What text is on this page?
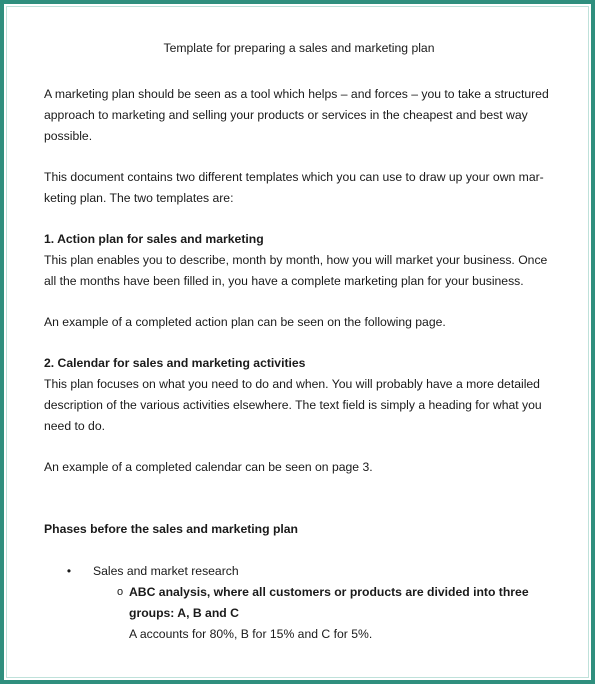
Template for preparing a sales and marketing plan

A marketing plan should be seen as a tool which helps – and forces – you to take a structured approach to marketing and selling your products or services in the cheapest and best way possible.

This document contains two different templates which you can use to draw up your own mar-keting plan. The two templates are:

1. Action plan for sales and marketing

This plan enables you to describe, month by month, how you will market your business. Once all the months have been filled in, you have a complete marketing plan for your business.

An example of a completed action plan can be seen on the following page.

2. Calendar for sales and marketing activities

This plan focuses on what you need to do and when. You will probably have a more detailed description of the various activities elsewhere. The text field is simply a heading for what you need to do.

An example of a completed calendar can be seen on page 3.

Phases before the sales and marketing plan

• Sales and market research
o ABC analysis, where all customers or products are divided into three groups: A, B and C
A accounts for 80%, B for 15% and C for 5%.
